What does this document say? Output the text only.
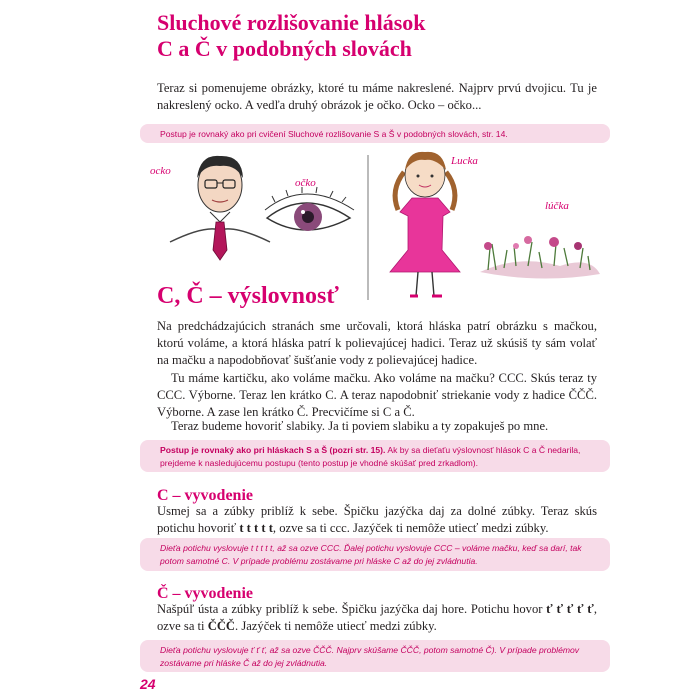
Sluchové rozlišovanie hlások
C a Č v podobných slovách

Teraz si pomenujeme obrázky, ktoré tu máme nakreslené. Najprv prvú dvojicu. Tu je nakreslený ocko. A vedľa druhý obrázok je očko. Ocko – očko...

Postup je rovnaký ako pri cvičení Sluchové rozlišovanie S a Š v podobných slovách, str. 14.
ocko
očko
Lucka
lúčka
C, Č – výslovnosť

Na predchádzajúcich stranách sme určovali, ktorá hláska patrí obrázku s mačkou, ktorú voláme, a ktorá hláska patrí k polievajúcej hadici. Teraz už skúsiš ty sám volať na mačku a napodobňovať šušťanie vody z polievajúcej hadice.

Tu máme kartičku, ako voláme mačku. Ako voláme na mačku? CCC. Skús teraz ty CCC. Výborne. Teraz len krátko C. A teraz napodobniť striekanie vody z hadice ČČČ. Výborne. A zase len krátko Č. Precvičíme si C a Č.

Teraz budeme hovoriť slabiky. Ja ti poviem slabiku a ty zopakuješ po mne.

Postup je rovnaký ako pri hláskach S a Š (pozri str. 15). Ak by sa dieťaťu výslovnosť hlások C a Č nedarila, prejdeme k nasledujúcemu postupu (tento postup je vhodné skúšať pred zrkadlom).
C – vyvodenie

Usmej sa a zúbky priblíž k sebe. Špičku jazýčka daj za dolné zúbky. Teraz skús potichu hovoriť t t t t t, ozve sa ti ccc. Jazýček ti nemôže utiecť medzi zúbky.

Dieťa potichu vyslovuje t t t t t, až sa ozve CCC. Ďalej potichu vyslovuje CCC – voláme mačku, keď sa darí, tak potom samotné C. V prípade problému zostávame pri hláske C až do jej zvládnutia.
Č – vyvodenie

Našpúľ ústa a zúbky priblíž k sebe. Špičku jazýčka daj hore. Potichu hovor ť ť ť ť ť, ozve sa ti ČČČ. Jazýček ti nemôže utiecť medzi zúbky.

Dieťa potichu vyslovuje ť ť ť, až sa ozve ČČČ. Najprv skúšame ČČČ, potom samotné Č). V prípade problémov zostávame pri hláske Č až do jej zvládnutia.
24
